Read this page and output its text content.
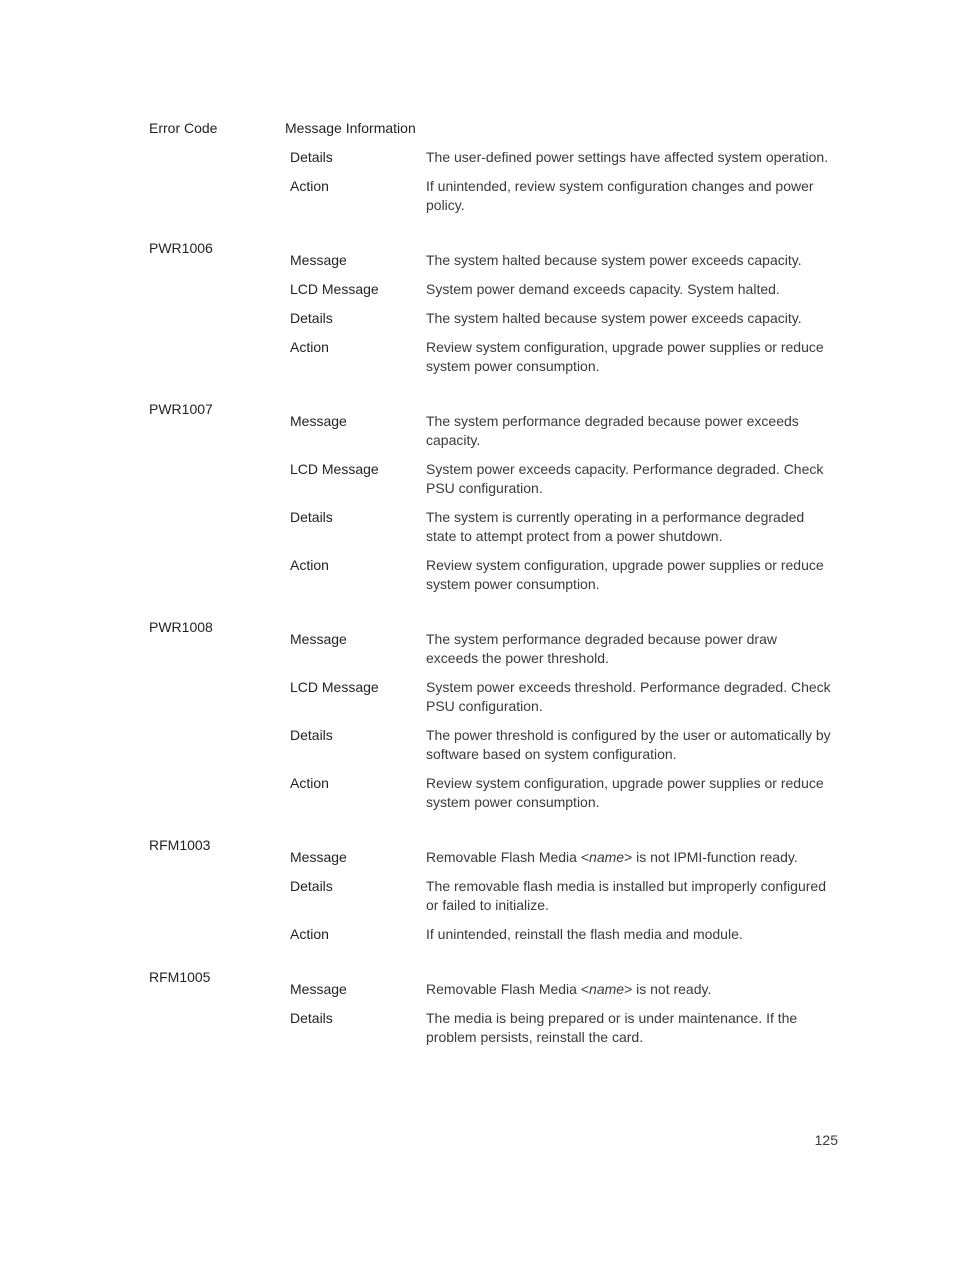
Error Code	Message Information
Details	The user-defined power settings have affected system operation.
Action	If unintended, review system configuration changes and power policy.
PWR1006
Message	The system halted because system power exceeds capacity.
LCD Message	System power demand exceeds capacity. System halted.
Details	The system halted because system power exceeds capacity.
Action	Review system configuration, upgrade power supplies or reduce system power consumption.
PWR1007
Message	The system performance degraded because power exceeds capacity.
LCD Message	System power exceeds capacity. Performance degraded. Check PSU configuration.
Details	The system is currently operating in a performance degraded state to attempt protect from a power shutdown.
Action	Review system configuration, upgrade power supplies or reduce system power consumption.
PWR1008
Message	The system performance degraded because power draw exceeds the power threshold.
LCD Message	System power exceeds threshold. Performance degraded. Check PSU configuration.
Details	The power threshold is configured by the user or automatically by software based on system configuration.
Action	Review system configuration, upgrade power supplies or reduce system power consumption.
RFM1003
Message	Removable Flash Media <name> is not IPMI-function ready.
Details	The removable flash media is installed but improperly configured or failed to initialize.
Action	If unintended, reinstall the flash media and module.
RFM1005
Message	Removable Flash Media <name> is not ready.
Details	The media is being prepared or is under maintenance. If the problem persists, reinstall the card.
125
